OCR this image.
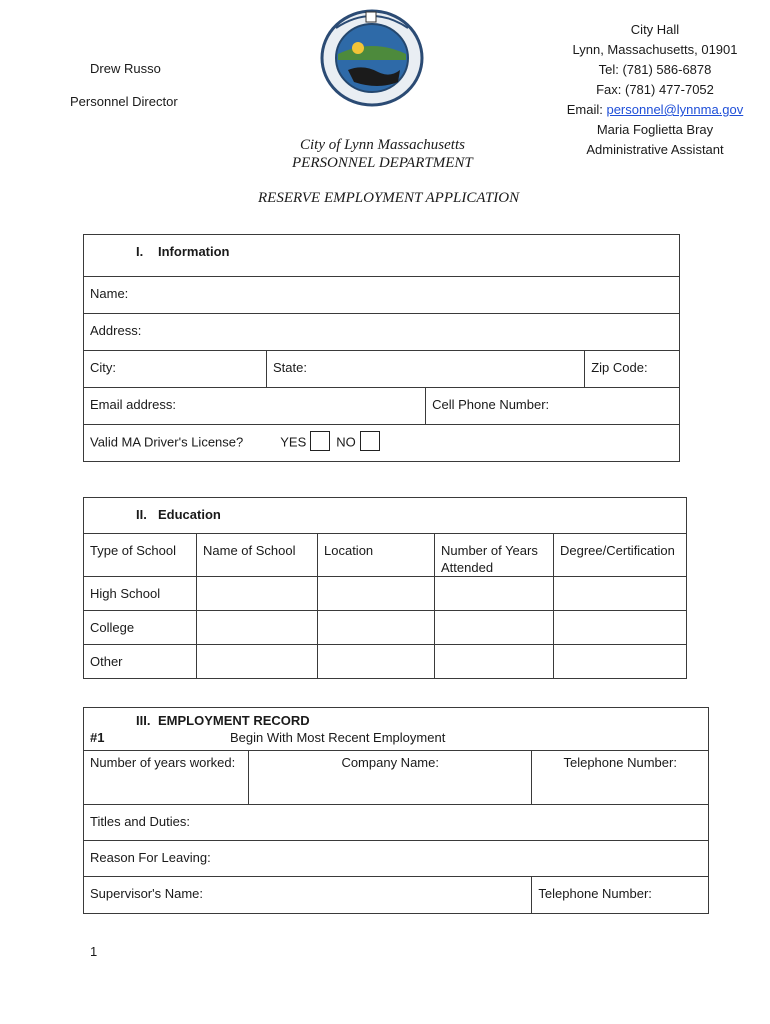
Drew Russo
Personnel Director
City of Lynn Massachusetts
PERSONNEL DEPARTMENT
RESERVE EMPLOYMENT APPLICATION
City Hall
Lynn, Massachusetts, 01901
Tel: (781) 586-6878
Fax: (781) 477-7052
Email: personnel@lynnma.gov
Maria Foglietta Bray
Administrative Assistant
I. Information			
Name:			
Address:			
City:	State:		Zip Code:
Email address:		Cell Phone Number:	
Valid MA Driver's License? YES NO			
II. Education				
Type of School	Name of School	Location	Number of Years Attended	Degree/Certification
High School				
College				
Other				
III. EMPLOYMENT RECORD
#1 Begin With Most Recent Employment		

Number of years worked:	Company Name:	Telephone Number:
Titles and Duties:		
Reason For Leaving:		
Supervisor's Name:		Telephone Number:
1
